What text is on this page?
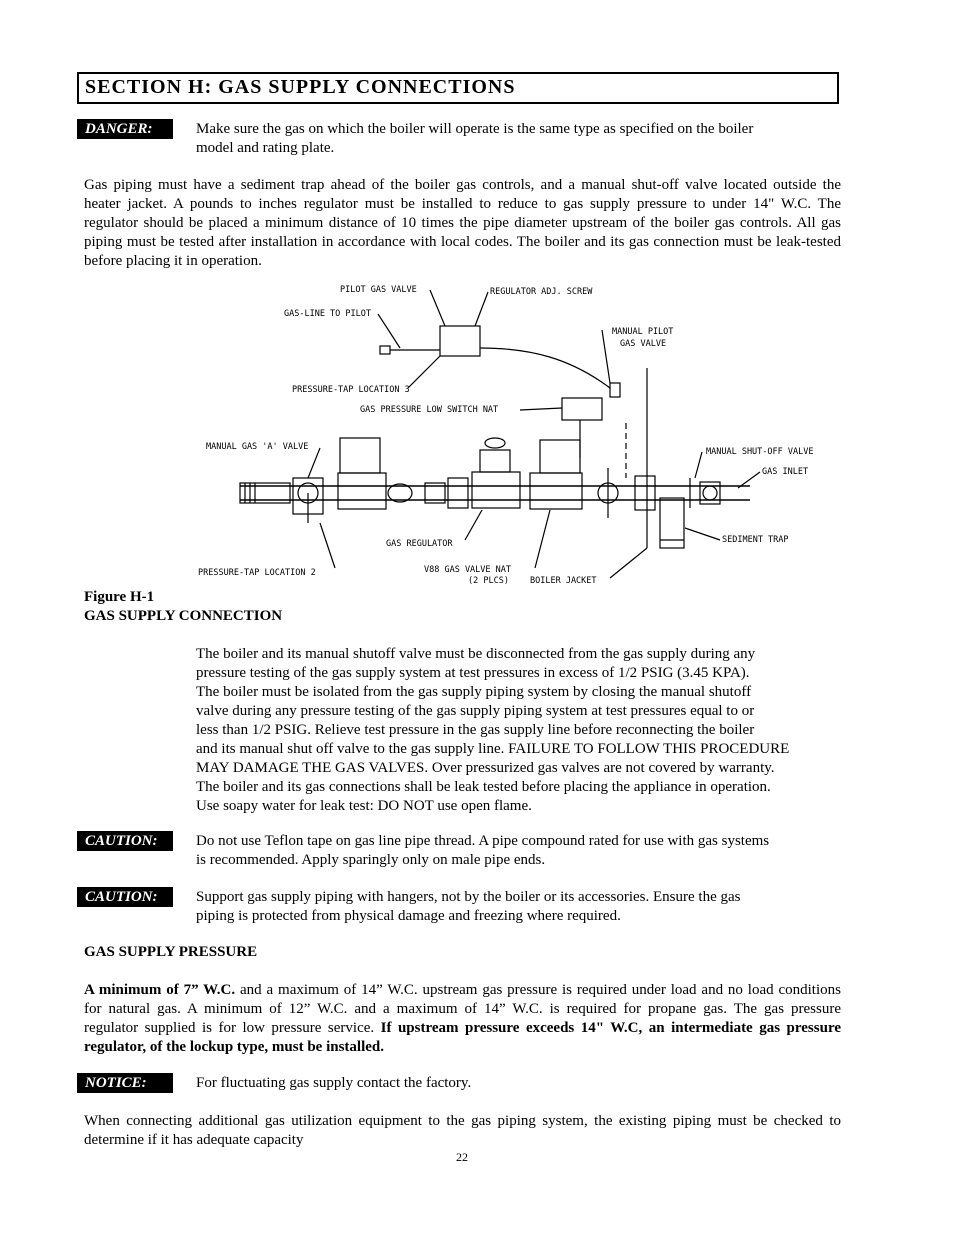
SECTION H: GAS SUPPLY CONNECTIONS
DANGER:	Make sure the gas on which the boiler will operate is the same type as specified on the boiler
model and rating plate.
Gas piping must have a sediment trap ahead of the boiler gas controls, and a manual shut-off valve located outside the
heater jacket. A pounds to inches regulator must be installed to reduce to gas supply pressure to under 14" W.C. The
regulator should be placed a minimum distance of 10 times the pipe diameter upstream of the boiler gas controls. All gas
piping must be tested after installation in accordance with local codes. The boiler and its gas connection must be leak-tested
before placing it in operation.
PILOT GAS VALVE	REGULATOR ADJ. SCREW
GAS-LINE TO PILOT
MANUAL PILOT
GAS VALVE
PRESSURE-TAP LOCATION 3
GAS PRESSURE LOW SWITCH NAT
MANUAL GAS 'A' VALVE	MANUAL SHUT-OFF VALVE
GAS INLET
SEDIMENT TRAP
GAS REGULATOR
PRESSURE-TAP LOCATION 2	V88 GAS VALVE NAT
(2 PLCS) BOILER JACKET
Figure H-1
GAS SUPPLY CONNECTION
The boiler and its manual shutoff valve must be disconnected from the gas supply during any
pressure testing of the gas supply system at test pressures in excess of 1/2 PSIG (3.45 KPA).
The boiler must be isolated from the gas supply piping system by closing the manual shutoff
valve during any pressure testing of the gas supply piping system at test pressures equal to or
less than 1/2 PSIG. Relieve test pressure in the gas supply line before reconnecting the boiler
and its manual shut off valve to the gas supply line. FAILURE TO FOLLOW THIS PROCEDURE
MAY DAMAGE THE GAS VALVES. Over pressurized gas valves are not covered by warranty.
The boiler and its gas connections shall be leak tested before placing the appliance in operation.
Use soapy water for leak test: DO NOT use open flame.
CAUTION:	Do not use Teflon tape on gas line pipe thread. A pipe compound rated for use with gas systems
is recommended. Apply sparingly only on male pipe ends.
CAUTION:	Support gas supply piping with hangers, not by the boiler or its accessories. Ensure the gas
piping is protected from physical damage and freezing where required.
GAS SUPPLY PRESSURE
A minimum of 7” W.C. and a maximum of 14” W.C. upstream gas pressure is required under load and no load conditions
for natural gas. A minimum of 12” W.C. and a maximum of 14” W.C. is required for propane gas. The gas pressure
regulator supplied is for low pressure service. If upstream pressure exceeds 14" W.C, an intermediate gas pressure
regulator, of the lockup type, must be installed.
NOTICE:	For fluctuating gas supply contact the factory.
When connecting additional gas utilization equipment to the gas piping system, the existing piping must be checked to
determine if it has adequate capacity
22
